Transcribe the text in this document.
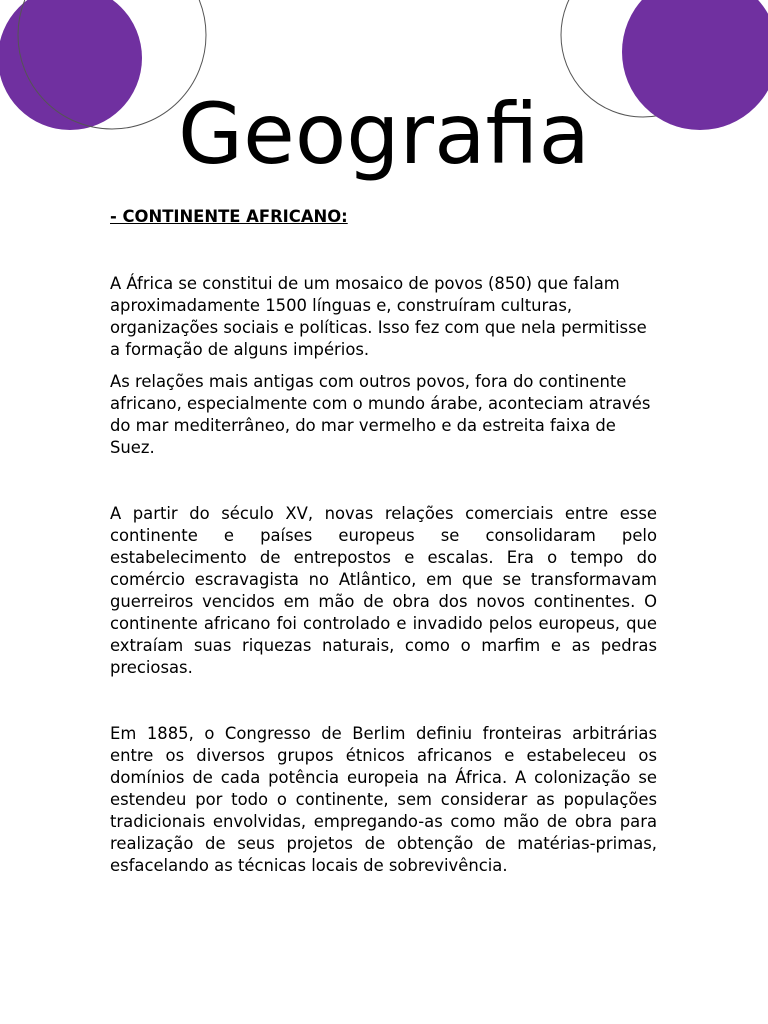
Geografia

- CONTINENTE AFRICANO:

A África se constitui de um mosaico de povos (850) que falam aproximadamente 1500 línguas e, construíram culturas, organizações sociais e políticas. Isso fez com que nela permitisse a formação de alguns impérios.

As relações mais antigas com outros povos, fora do continente africano, especialmente com o mundo árabe, aconteciam através do mar mediterrâneo, do mar vermelho e da estreita faixa de Suez.

A partir do século XV, novas relações comerciais entre esse continente e países europeus se consolidaram pelo estabelecimento de entrepostos e escalas. Era o tempo do comércio escravagista no Atlântico, em que se transformavam guerreiros vencidos em mão de obra dos novos continentes. O continente africano foi controlado e invadido pelos europeus, que extraíam suas riquezas naturais, como o marfim e as pedras preciosas.

Em 1885, o Congresso de Berlim definiu fronteiras arbitrárias entre os diversos grupos étnicos africanos e estabeleceu os domínios de cada potência europeia na África. A colonização se estendeu por todo o continente, sem considerar as populações tradicionais envolvidas, empregando-as como mão de obra para realização de seus projetos de obtenção de matérias-primas, esfacelando as técnicas locais de sobrevivência.
